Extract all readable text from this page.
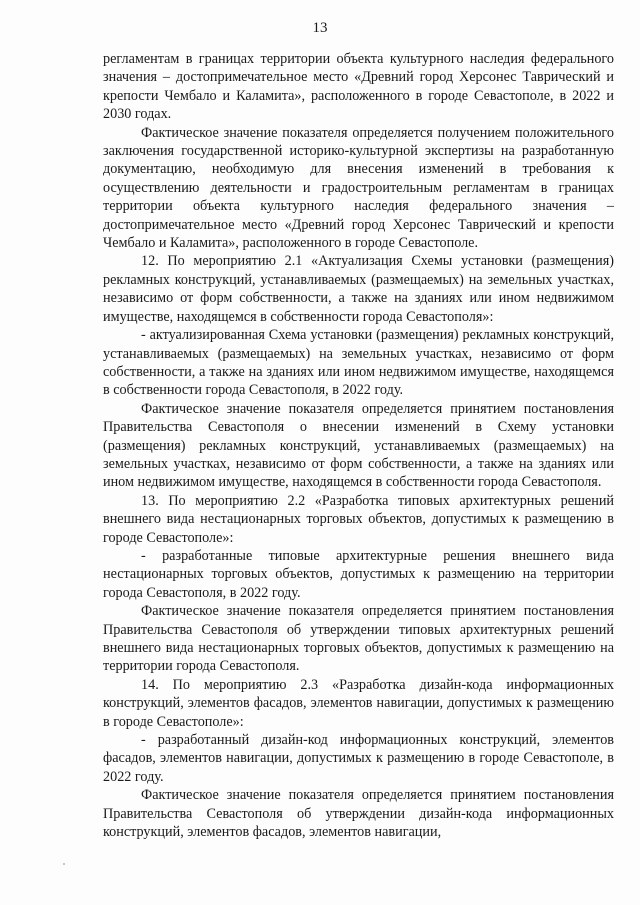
13

регламентам в границах территории объекта культурного наследия федерального значения – достопримечательное место «Древний город Херсонес Таврический и крепости Чембало и Каламита», расположенного в городе Севастополе, в 2022 и 2030 годах.

Фактическое значение показателя определяется получением положительного заключения государственной историко-культурной экспертизы на разработанную документацию, необходимую для внесения изменений в требования к осуществлению деятельности и градостроительным регламентам в границах территории объекта культурного наследия федерального значения – достопримечательное место «Древний город Херсонес Таврический и крепости Чембало и Каламита», расположенного в городе Севастополе.

12. По мероприятию 2.1 «Актуализация Схемы установки (размещения) рекламных конструкций, устанавливаемых (размещаемых) на земельных участках, независимо от форм собственности, а также на зданиях или ином недвижимом имуществе, находящемся в собственности города Севастополя»:

- актуализированная Схема установки (размещения) рекламных конструкций, устанавливаемых (размещаемых) на земельных участках, независимо от форм собственности, а также на зданиях или ином недвижимом имуществе, находящемся в собственности города Севастополя, в 2022 году.

Фактическое значение показателя определяется принятием постановления Правительства Севастополя о внесении изменений в Схему установки (размещения) рекламных конструкций, устанавливаемых (размещаемых) на земельных участках, независимо от форм собственности, а также на зданиях или ином недвижимом имуществе, находящемся в собственности города Севастополя.

13. По мероприятию 2.2 «Разработка типовых архитектурных решений внешнего вида нестационарных торговых объектов, допустимых к размещению в городе Севастополе»:

- разработанные типовые архитектурные решения внешнего вида нестационарных торговых объектов, допустимых к размещению на территории города Севастополя, в 2022 году.

Фактическое значение показателя определяется принятием постановления Правительства Севастополя об утверждении типовых архитектурных решений внешнего вида нестационарных торговых объектов, допустимых к размещению на территории города Севастополя.

14. По мероприятию 2.3 «Разработка дизайн-кода информационных конструкций, элементов фасадов, элементов навигации, допустимых к размещению в городе Севастополе»:

- разработанный дизайн-код информационных конструкций, элементов фасадов, элементов навигации, допустимых к размещению в городе Севастополе, в 2022 году.

Фактическое значение показателя определяется принятием постановления Правительства Севастополя об утверждении дизайн-кода информационных конструкций, элементов фасадов, элементов навигации,
